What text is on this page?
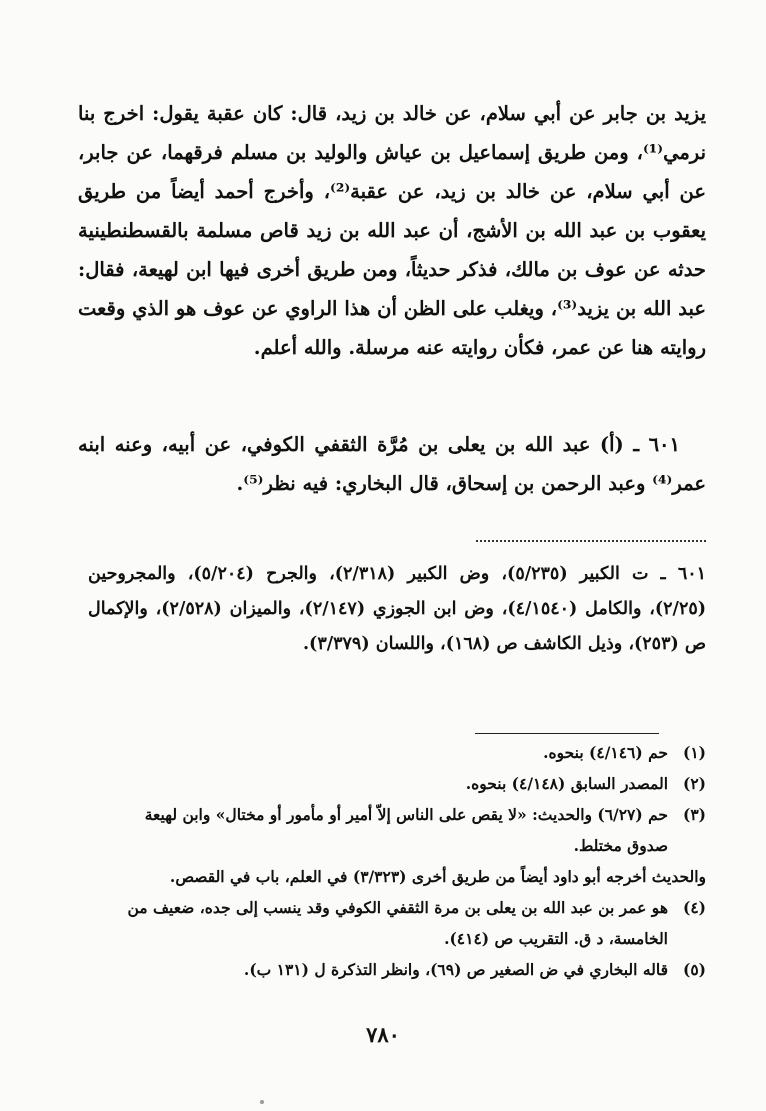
يزيد بن جابر عن أبي سلام، عن خالد بن زيد، قال: كان عقبة يقول: اخرج بنا نرمي⁽¹⁾، ومن طريق إسماعيل بن عياش والوليد بن مسلم فرقهما، عن جابر، عن أبي سلام، عن خالد بن زيد، عن عقبة⁽²⁾، وأخرج أحمد أيضاً من طريق يعقوب بن عبد الله بن الأشج، أن عبد الله بن زيد قاص مسلمة بالقسطنطينية حدثه عن عوف بن مالك، فذكر حديثاً، ومن طريق أخرى فيها ابن لهيعة، فقال: عبد الله بن يزيد⁽³⁾، ويغلب على الظن أن هذا الراوي عن عوف هو الذي وقعت روايته هنا عن عمر، فكأن روايته عنه مرسلة. والله أعلم.

٦٠١ ـ (أ) عبد الله بن يعلى بن مُرَّة الثقفي الكوفي، عن أبيه، وعنه ابنه عمر⁽⁴⁾ وعبد الرحمن بن إسحاق، قال البخاري: فيه نظر⁽⁵⁾.

٦٠١ ـ ت الكبير (٥/٢٣٥)، وض الكبير (٢/٣١٨)، والجرح (٥/٢٠٤)، والمجروحين (٢/٢٥)، والكامل (٤/١٥٤٠)، وض ابن الجوزي (٢/١٤٧)، والميزان (٢/٥٢٨)، والإكمال ص (٢٥٣)، وذيل الكاشف ص (١٦٨)، واللسان (٣/٣٧٩).
(١)
حم (٤/١٤٦) بنحوه.
(٢)
المصدر السابق (٤/١٤٨) بنحوه.
(٣)
حم (٦/٢٧) والحديث: «لا يقص على الناس إلاّ أمير أو مأمور أو مختال» وابن لهيعة
صدوق مختلط.
والحديث أخرجه أبو داود أيضاً من طريق أخرى (٣/٣٢٣) في العلم، باب في القصص.
(٤)
هو عمر بن عبد الله بن يعلى بن مرة الثقفي الكوفي وقد ينسب إلى جده، ضعيف من
الخامسة، د ق. التقريب ص (٤١٤).
(٥)
قاله البخاري في ض الصغير ص (٦٩)، وانظر التذكرة ل (١٣١ ب).
٧٨٠
